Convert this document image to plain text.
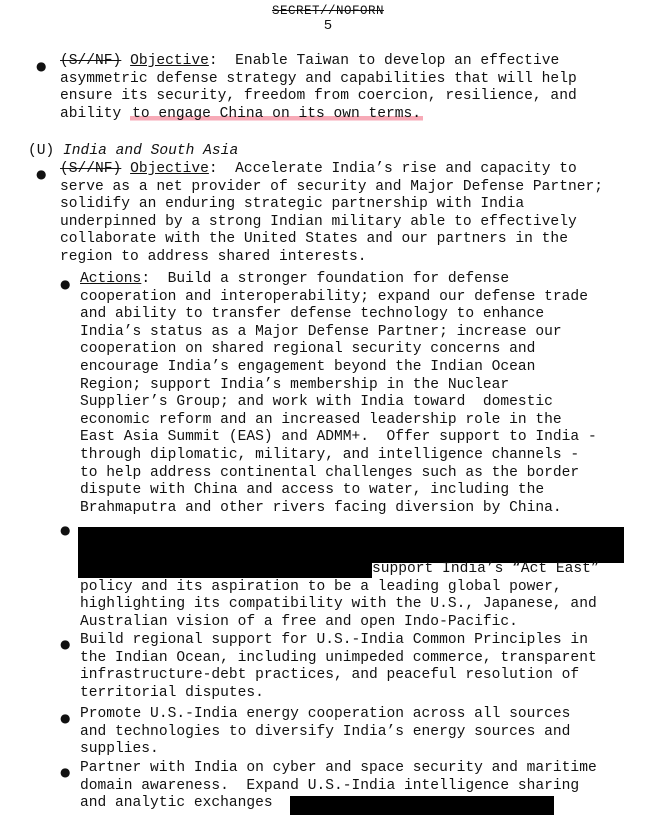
SECRET//NOFORN
5
● (S//NF) Objective:  Enable Taiwan to develop an effective
asymmetric defense strategy and capabilities that will help
ensure its security, freedom from coercion, resilience, and
ability to engage China on its own terms.
(U) India and South Asia
● (S//NF) Objective:  Accelerate India’s rise and capacity to
serve as a net provider of security and Major Defense Partner;
solidify an enduring strategic partnership with India
underpinned by a strong Indian military able to effectively
collaborate with the United States and our partners in the
region to address shared interests.
● Actions:  Build a stronger foundation for defense
cooperation and interoperability; expand our defense trade
and ability to transfer defense technology to enhance
India’s status as a Major Defense Partner; increase our
cooperation on shared regional security concerns and
encourage India’s engagement beyond the Indian Ocean
Region; support India’s membership in the Nuclear
Supplier’s Group; and work with India toward  domestic
economic reform and an increased leadership role in the
East Asia Summit (EAS) and ADMM+.  Offer support to India -
through diplomatic, military, and intelligence channels -
to help address continental challenges such as the border
dispute with China and access to water, including the
Brahmaputra and other rivers facing diversion by China.
●
support India’s “Act East”
policy and its aspiration to be a leading global power,
highlighting its compatibility with the U.S., Japanese, and
Australian vision of a free and open Indo-Pacific.
● Build regional support for U.S.-India Common Principles in
the Indian Ocean, including unimpeded commerce, transparent
infrastructure-debt practices, and peaceful resolution of
territorial disputes.
● Promote U.S.-India energy cooperation across all sources
and technologies to diversify India’s energy sources and
supplies.
● Partner with India on cyber and space security and maritime
domain awareness.  Expand U.S.-India intelligence sharing
and analytic exchanges
